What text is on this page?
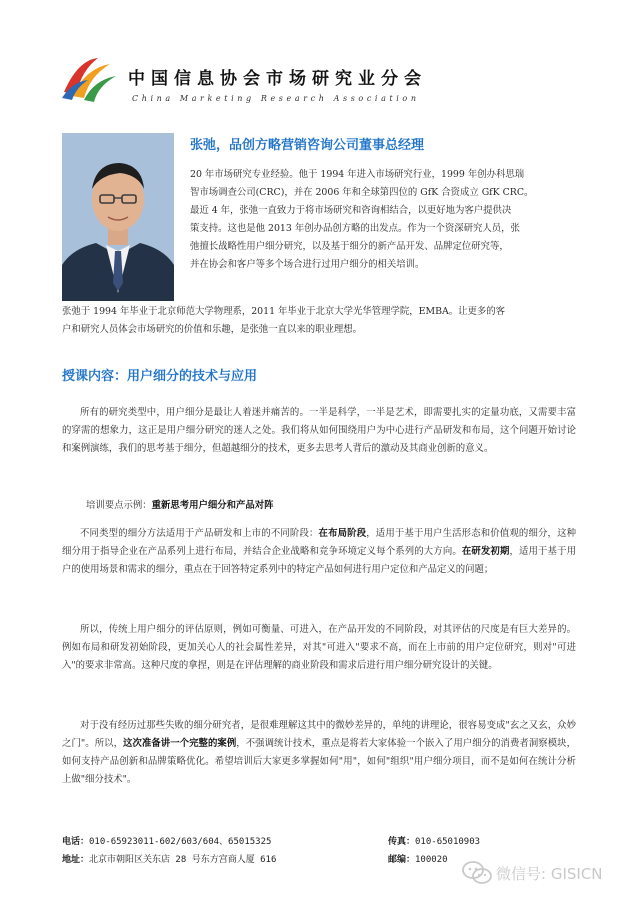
中国信息协会市场研究业分会
China Marketing Research Association
张弛，品创方略营销咨询公司董事总经理

20 年市场研究专业经验。他于 1994 年进入市场研究行业，1999 年创办科思瑞
智市场调查公司(CRC)，并在 2006 年和全球第四位的 GfK 合资成立 GfK CRC。
最近 4 年，张弛一直致力于将市场研究和咨询相结合，以更好地为客户提供决
策支持。这也是他 2013 年创办品创方略的出发点。作为一个资深研究人员，张
弛擅长战略性用户细分研究，以及基于细分的新产品开发、品牌定位研究等，
并在协会和客户等多个场合进行过用户细分的相关培训。

张弛于 1994 年毕业于北京师范大学物理系，2011 年毕业于北京大学光华管理学院，EMBA。让更多的客
户和研究人员体会市场研究的价值和乐趣，是张弛一直以来的职业理想。

授课内容：用户细分的技术与应用

所有的研究类型中，用户细分是最让人着迷并痛苦的。一半是科学，一半是艺术，即需要扎实的定量功底，又需要丰富的穿需的想象力，这正是用户细分研究的迷人之处。我们将从如何围绕用户为中心进行产品研发和布局，这个问题开始讨论和案例演练，我们的思考基于细分，但超越细分的技术，更多去思考人背后的激动及其商业创新的意义。

培训要点示例：重新思考用户细分和产品对阵

不同类型的细分方法适用于产品研发和上市的不同阶段：在布局阶段，适用于基于用户生活形态和价值观的细分，这种细分用于指导企业在产品系列上进行布局，并结合企业战略和竞争环境定义每个系列的大方向。在研发初期，适用于基于用户的使用场景和需求的细分，重点在于回答特定系列中的特定产品如何进行用户定位和产品定义的问题；

所以，传统上用户细分的评估原则，例如可衡量、可进入，在产品开发的不同阶段，对其评估的尺度是有巨大差异的。例如布局和研发初始阶段，更加关心人的社会属性差异，对其"可进入"要求不高，而在上市前的用户定位研究，则对"可进入"的要求非常高。这种尺度的拿捏，则是在评估理解的商业阶段和需求后进行用户细分研究设计的关键。

对于没有经历过那些失败的细分研究者，是很难理解这其中的微妙差异的，单纯的讲理论，很容易变成"玄之又玄，众妙之门"。所以，这次准备讲一个完整的案例，不强调统计技术，重点是将若大家体验一个嵌入了用户细分的消费者洞察模块，如何支持产品创新和品牌策略优化。希望培训后大家更多掌握如何"用"，如何"组织"用户细分项目，而不是如何在统计分析上做"细分技术"。

电话：010-65923011-602/603/604、65015325	传真：010-65010903
地址：北京市朝阳区关东店 28 号东方宫商人厦 616	邮编：100020
微信号: GISICN
